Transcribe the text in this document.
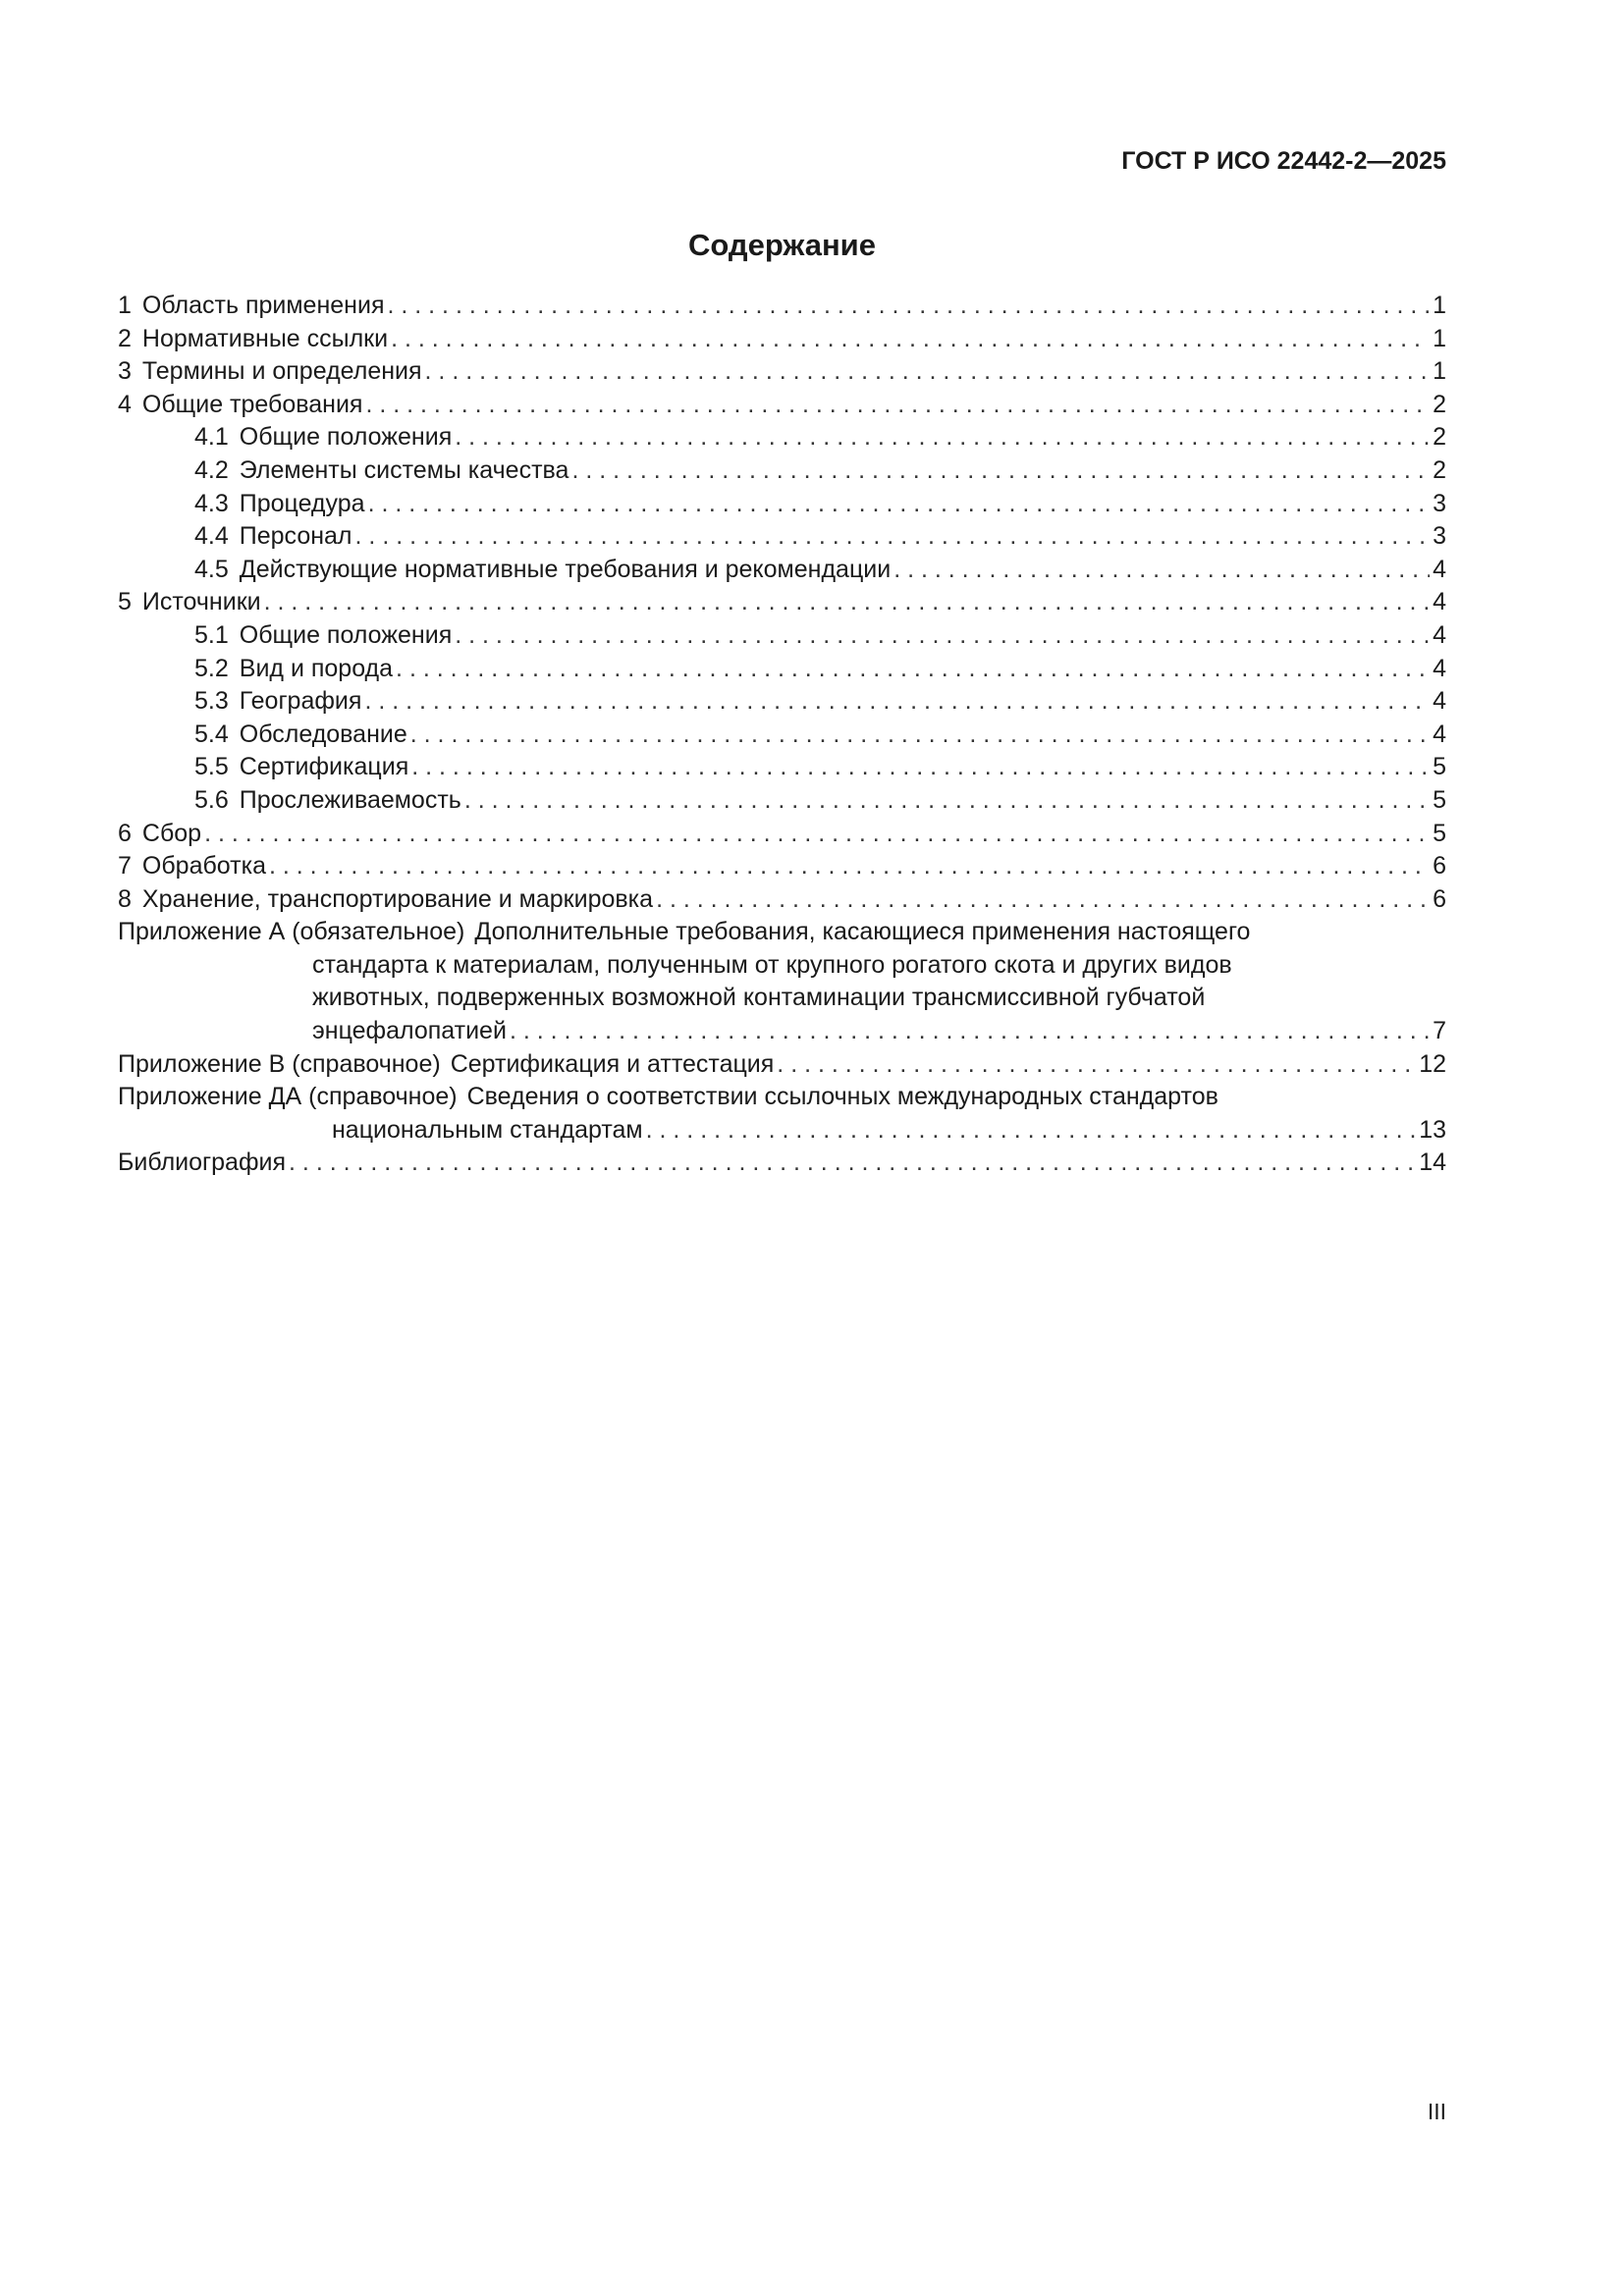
ГОСТ Р ИСО 22442-2—2025
Содержание
1 Область применения . . .	1
2 Нормативные ссылки . . .	1
3 Термины и определения . . .	1
4 Общие требования . . .	2
4.1 Общие положения . . .	2
4.2 Элементы системы качества . . .	2
4.3 Процедура . . .	3
4.4 Персонал . . .	3
4.5 Действующие нормативные требования и рекомендации . . .	4
5 Источники . . .	4
5.1 Общие положения . . .	4
5.2 Вид и порода . . .	4
5.3 География . . .	4
5.4 Обследование . . .	4
5.5 Сертификация . . .	5
5.6 Прослеживаемость . . .	5
6 Сбор . . .	5
7 Обработка . . .	6
8 Хранение, транспортирование и маркировка . . .	6
Приложение А (обязательное) Дополнительные требования, касающиеся применения настоящего
стандарта к материалам, полученным от крупного рогатого скота и других видов
животных, подверженных возможной контаминации трансмиссивной губчатой
энцефалопатией . . .	7
Приложение В (справочное) Сертификация и аттестация . . .	12
Приложение ДА (справочное) Сведения о соответствии ссылочных международных стандартов
национальным стандартам . . .	13
Библиография . . .	14
III
